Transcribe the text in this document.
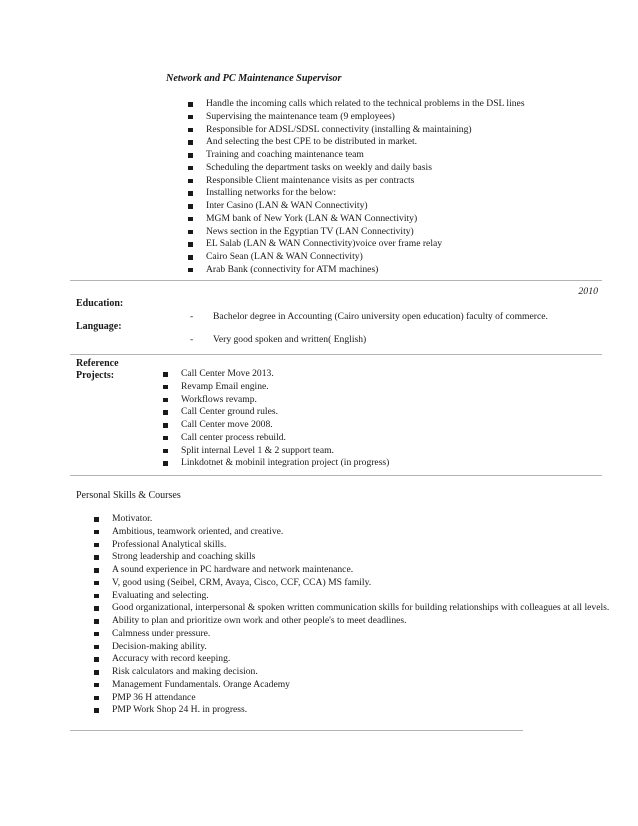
Network and PC Maintenance Supervisor
Handle the incoming calls which related to the technical problems in the DSL lines
Supervising the maintenance team (9 employees)
Responsible for ADSL/SDSL connectivity (installing & maintaining)
And selecting the best CPE to be distributed in market.
Training and coaching maintenance team
Scheduling the department tasks on weekly and daily basis
Responsible Client maintenance visits as per contracts
Installing networks for the below:
Inter Casino (LAN & WAN Connectivity)
MGM bank of New York (LAN & WAN Connectivity)
News section in the Egyptian TV (LAN Connectivity)
EL Salab (LAN & WAN Connectivity)voice over frame relay
Cairo Sean (LAN & WAN Connectivity)
Arab Bank (connectivity for ATM machines)
2010
Education:
- Bachelor degree in Accounting (Cairo university open education) faculty of commerce.
Language:
- Very good spoken and written( English)
Reference
Projects:	Call Center Move 2013.
Revamp Email engine.
Workflows revamp.
Call Center ground rules.
Call Center move 2008.
Call center process rebuild.
Split internal Level 1 & 2 support team.
Linkdotnet & mobinil integration project (in progress)
Personal Skills & Courses
Motivator.
Ambitious, teamwork oriented, and creative.
Professional Analytical skills.
Strong leadership and coaching skills
A sound experience in PC hardware and network maintenance.
V, good using (Seibel, CRM, Avaya, Cisco, CCF, CCA) MS family.
Evaluating and selecting.
Good organizational, interpersonal & spoken written communication skills for building relationships with colleagues at all levels.
Ability to plan and prioritize own work and other people's to meet deadlines.
Calmness under pressure.
Decision-making ability.
Accuracy with record keeping.
Risk calculators and making decision.
Management Fundamentals. Orange Academy
PMP 36 H attendance
PMP Work Shop 24 H. in progress.
